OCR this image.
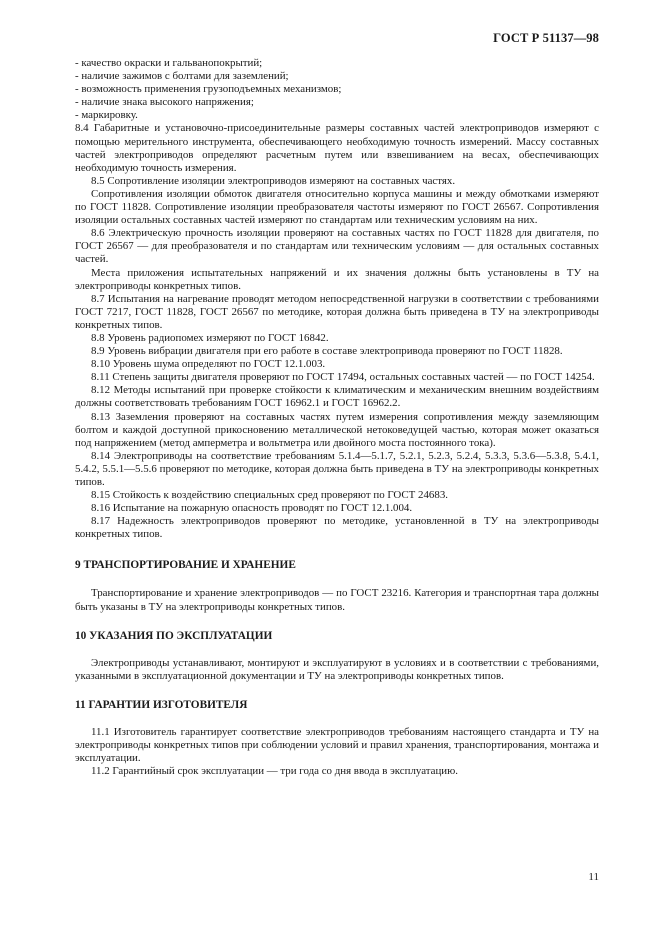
ГОСТ Р 51137—98
- качество окраски и гальванопокрытий;
- наличие зажимов с болтами для заземлений;
- возможность применения грузоподъемных механизмов;
- наличие знака высокого напряжения;
- маркировку.

8.4 Габаритные и установочно-присоединительные размеры составных частей электроприводов измеряют с помощью мерительного инструмента, обеспечивающего необходимую точность измерений. Массу составных частей электроприводов определяют расчетным путем или взвешиванием на весах, обеспечивающих необходимую точность измерения.

8.5 Сопротивление изоляции электроприводов измеряют на составных частях.

Сопротивления изоляции обмоток двигателя относительно корпуса машины и между обмотками измеряют по ГОСТ 11828. Сопротивление изоляции преобразователя частоты измеряют по ГОСТ 26567. Сопротивления изоляции остальных составных частей измеряют по стандартам или техническим условиям на них.

8.6 Электрическую прочность изоляции проверяют на составных частях по ГОСТ 11828 для двигателя, по ГОСТ 26567 — для преобразователя и по стандартам или техническим условиям — для остальных составных частей.

Места приложения испытательных напряжений и их значения должны быть установлены в ТУ на электроприводы конкретных типов.

8.7 Испытания на нагревание проводят методом непосредственной нагрузки в соответствии с требованиями ГОСТ 7217, ГОСТ 11828, ГОСТ 26567 по методике, которая должна быть приведена в ТУ на электроприводы конкретных типов.

8.8 Уровень радиопомех измеряют по ГОСТ 16842.

8.9 Уровень вибрации двигателя при его работе в составе электропривода проверяют по ГОСТ 11828.

8.10 Уровень шума определяют по ГОСТ 12.1.003.

8.11 Степень защиты двигателя проверяют по ГОСТ 17494, остальных составных частей — по ГОСТ 14254.

8.12 Методы испытаний при проверке стойкости к климатическим и механическим внешним воздействиям должны соответствовать требованиям ГОСТ 16962.1 и ГОСТ 16962.2.

8.13 Заземления проверяют на составных частях путем измерения сопротивления между заземляющим болтом и каждой доступной прикосновению металлической нетоковедущей частью, которая может оказаться под напряжением (метод амперметра и вольтметра или двойного моста постоянного тока).

8.14 Электроприводы на соответствие требованиям 5.1.4—5.1.7, 5.2.1, 5.2.3, 5.2.4, 5.3.3, 5.3.6—5.3.8, 5.4.1, 5.4.2, 5.5.1—5.5.6 проверяют по методике, которая должна быть приведена в ТУ на электроприводы конкретных типов.

8.15 Стойкость к воздействию специальных сред проверяют по ГОСТ 24683.

8.16 Испытание на пожарную опасность проводят по ГОСТ 12.1.004.

8.17 Надежность электроприводов проверяют по методике, установленной в ТУ на электроприводы конкретных типов.

9 ТРАНСПОРТИРОВАНИЕ И ХРАНЕНИЕ

Транспортирование и хранение электроприводов — по ГОСТ 23216. Категория и транспортная тара должны быть указаны в ТУ на электроприводы конкретных типов.

10 УКАЗАНИЯ ПО ЭКСПЛУАТАЦИИ

Электроприводы устанавливают, монтируют и эксплуатируют в условиях и в соответствии с требованиями, указанными в эксплуатационной документации и ТУ на электроприводы конкретных типов.

11 ГАРАНТИИ ИЗГОТОВИТЕЛЯ

11.1 Изготовитель гарантирует соответствие электроприводов требованиям настоящего стандарта и ТУ на электроприводы конкретных типов при соблюдении условий и правил хранения, транспортирования, монтажа и эксплуатации.

11.2 Гарантийный срок эксплуатации — три года со дня ввода в эксплуатацию.

11
